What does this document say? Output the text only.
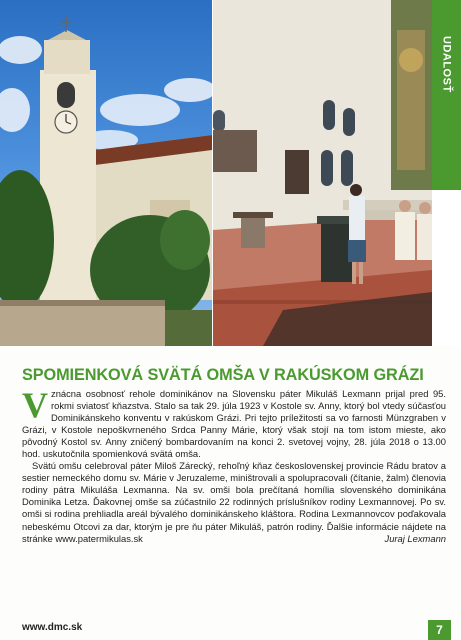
UDALOSŤ
SPOMIENKOVÁ SVÄTÁ OMŠA V RAKÚSKOM GRÁZI

Vznácna osobnosť rehole dominikánov na Slovensku páter Mikuláš Lexmann prijal pred 95. rokmi sviatosť kňazstva. Stalo sa tak 29. júla 1923 v Kostole sv. Anny, ktorý bol vtedy súčasťou Dominikánskeho konventu v rakúskom Grázi. Pri tejto príležitosti sa vo farnosti Münzgraben v Grázi, v Kostole nepoškvrneného Srdca Panny Márie, ktorý však stojí na tom istom mieste, ako pôvodný Kostol sv. Anny zničený bombardovaním na konci 2. svetovej vojny, 28. júla 2018 o 13.00 hod. uskutočnila spomienková svätá omša.

Svätú omšu celebroval páter Miloš Zárecký, rehoľný kňaz československej provincie Rádu bratov a sestier nemeckého domu sv. Márie v Jeruzaleme, miništrovali a spolupracovali (čítanie, žalm) členovia rodiny pátra Mikuláša Lexmanna. Na sv. omši bola prečítaná homília slovenského dominikána Dominika Letza. Ďakovnej omše sa zúčastnilo 22 rodinných príslušníkov rodiny Lexmannovej. Po sv. omši si rodina prehliadla areál bývalého dominikánskeho kláštora. Rodina Lexmannovcov poďakovala nebeskému Otcovi za dar, ktorým je pre ňu páter Mikuláš, patrón rodiny. Ďalšie informácie nájdete na stránke www.patermikulas.sk	Juraj Lexmann

www.dmc.sk	7
